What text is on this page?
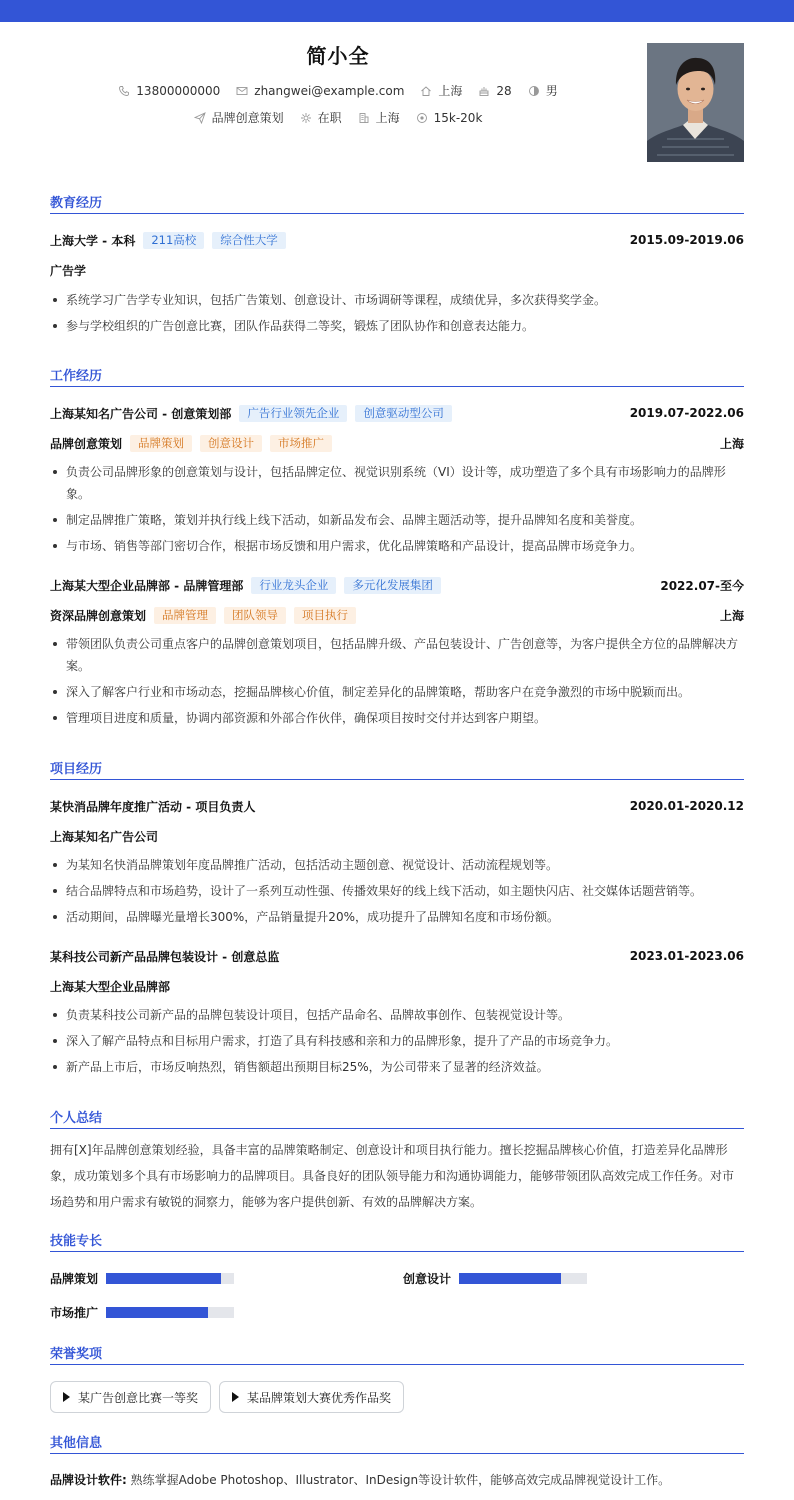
简小全
13800000000	zhangwei@example.com	上海	28	男
品牌创意策划	在职	上海	15k-20k
教育经历
上海大学 - 本科	211高校	综合性大学	2015.09-2019.06
广告学
系统学习广告学专业知识，包括广告策划、创意设计、市场调研等课程，成绩优异，多次获得奖学金。
参与学校组织的广告创意比赛，团队作品获得二等奖，锻炼了团队协作和创意表达能力。
工作经历
上海某知名广告公司 - 创意策划部	广告行业领先企业	创意驱动型公司	2019.07-2022.06
品牌创意策划	品牌策划	创意设计	市场推广	上海
负责公司品牌形象的创意策划与设计，包括品牌定位、视觉识别系统（VI）设计等，成功塑造了多个具有市场影响力的品牌形象。
制定品牌推广策略，策划并执行线上线下活动，如新品发布会、品牌主题活动等，提升品牌知名度和美誉度。
与市场、销售等部门密切合作，根据市场反馈和用户需求，优化品牌策略和产品设计，提高品牌市场竞争力。
上海某大型企业品牌部 - 品牌管理部	行业龙头企业	多元化发展集团	2022.07-至今
资深品牌创意策划	品牌管理	团队领导	项目执行	上海
带领团队负责公司重点客户的品牌创意策划项目，包括品牌升级、产品包装设计、广告创意等，为客户提供全方位的品牌解决方案。
深入了解客户行业和市场动态，挖掘品牌核心价值，制定差异化的品牌策略，帮助客户在竞争激烈的市场中脱颖而出。
管理项目进度和质量，协调内部资源和外部合作伙伴，确保项目按时交付并达到客户期望。
项目经历
某快消品牌年度推广活动 - 项目负责人	2020.01-2020.12
上海某知名广告公司
为某知名快消品牌策划年度品牌推广活动，包括活动主题创意、视觉设计、活动流程规划等。
结合品牌特点和市场趋势，设计了一系列互动性强、传播效果好的线上线下活动，如主题快闪店、社交媒体话题营销等。
活动期间，品牌曝光量增长300%，产品销量提升20%，成功提升了品牌知名度和市场份额。
某科技公司新产品品牌包装设计 - 创意总监	2023.01-2023.06
上海某大型企业品牌部
负责某科技公司新产品的品牌包装设计项目，包括产品命名、品牌故事创作、包装视觉设计等。
深入了解产品特点和目标用户需求，打造了具有科技感和亲和力的品牌形象，提升了产品的市场竞争力。
新产品上市后，市场反响热烈，销售额超出预期目标25%，为公司带来了显著的经济效益。
个人总结
拥有[X]年品牌创意策划经验，具备丰富的品牌策略制定、创意设计和项目执行能力。擅长挖掘品牌核心价值，打造差异化品牌形象，成功策划多个具有市场影响力的品牌项目。具备良好的团队领导能力和沟通协调能力，能够带领团队高效完成工作任务。对市场趋势和用户需求有敏锐的洞察力，能够为客户提供创新、有效的品牌解决方案。
技能专长
品牌策划	创意设计
市场推广
荣誉奖项
某广告创意比赛一等奖	某品牌策划大赛优秀作品奖
其他信息
品牌设计软件: 熟练掌握Adobe Photoshop、Illustrator、InDesign等设计软件，能够高效完成品牌视觉设计工作。
